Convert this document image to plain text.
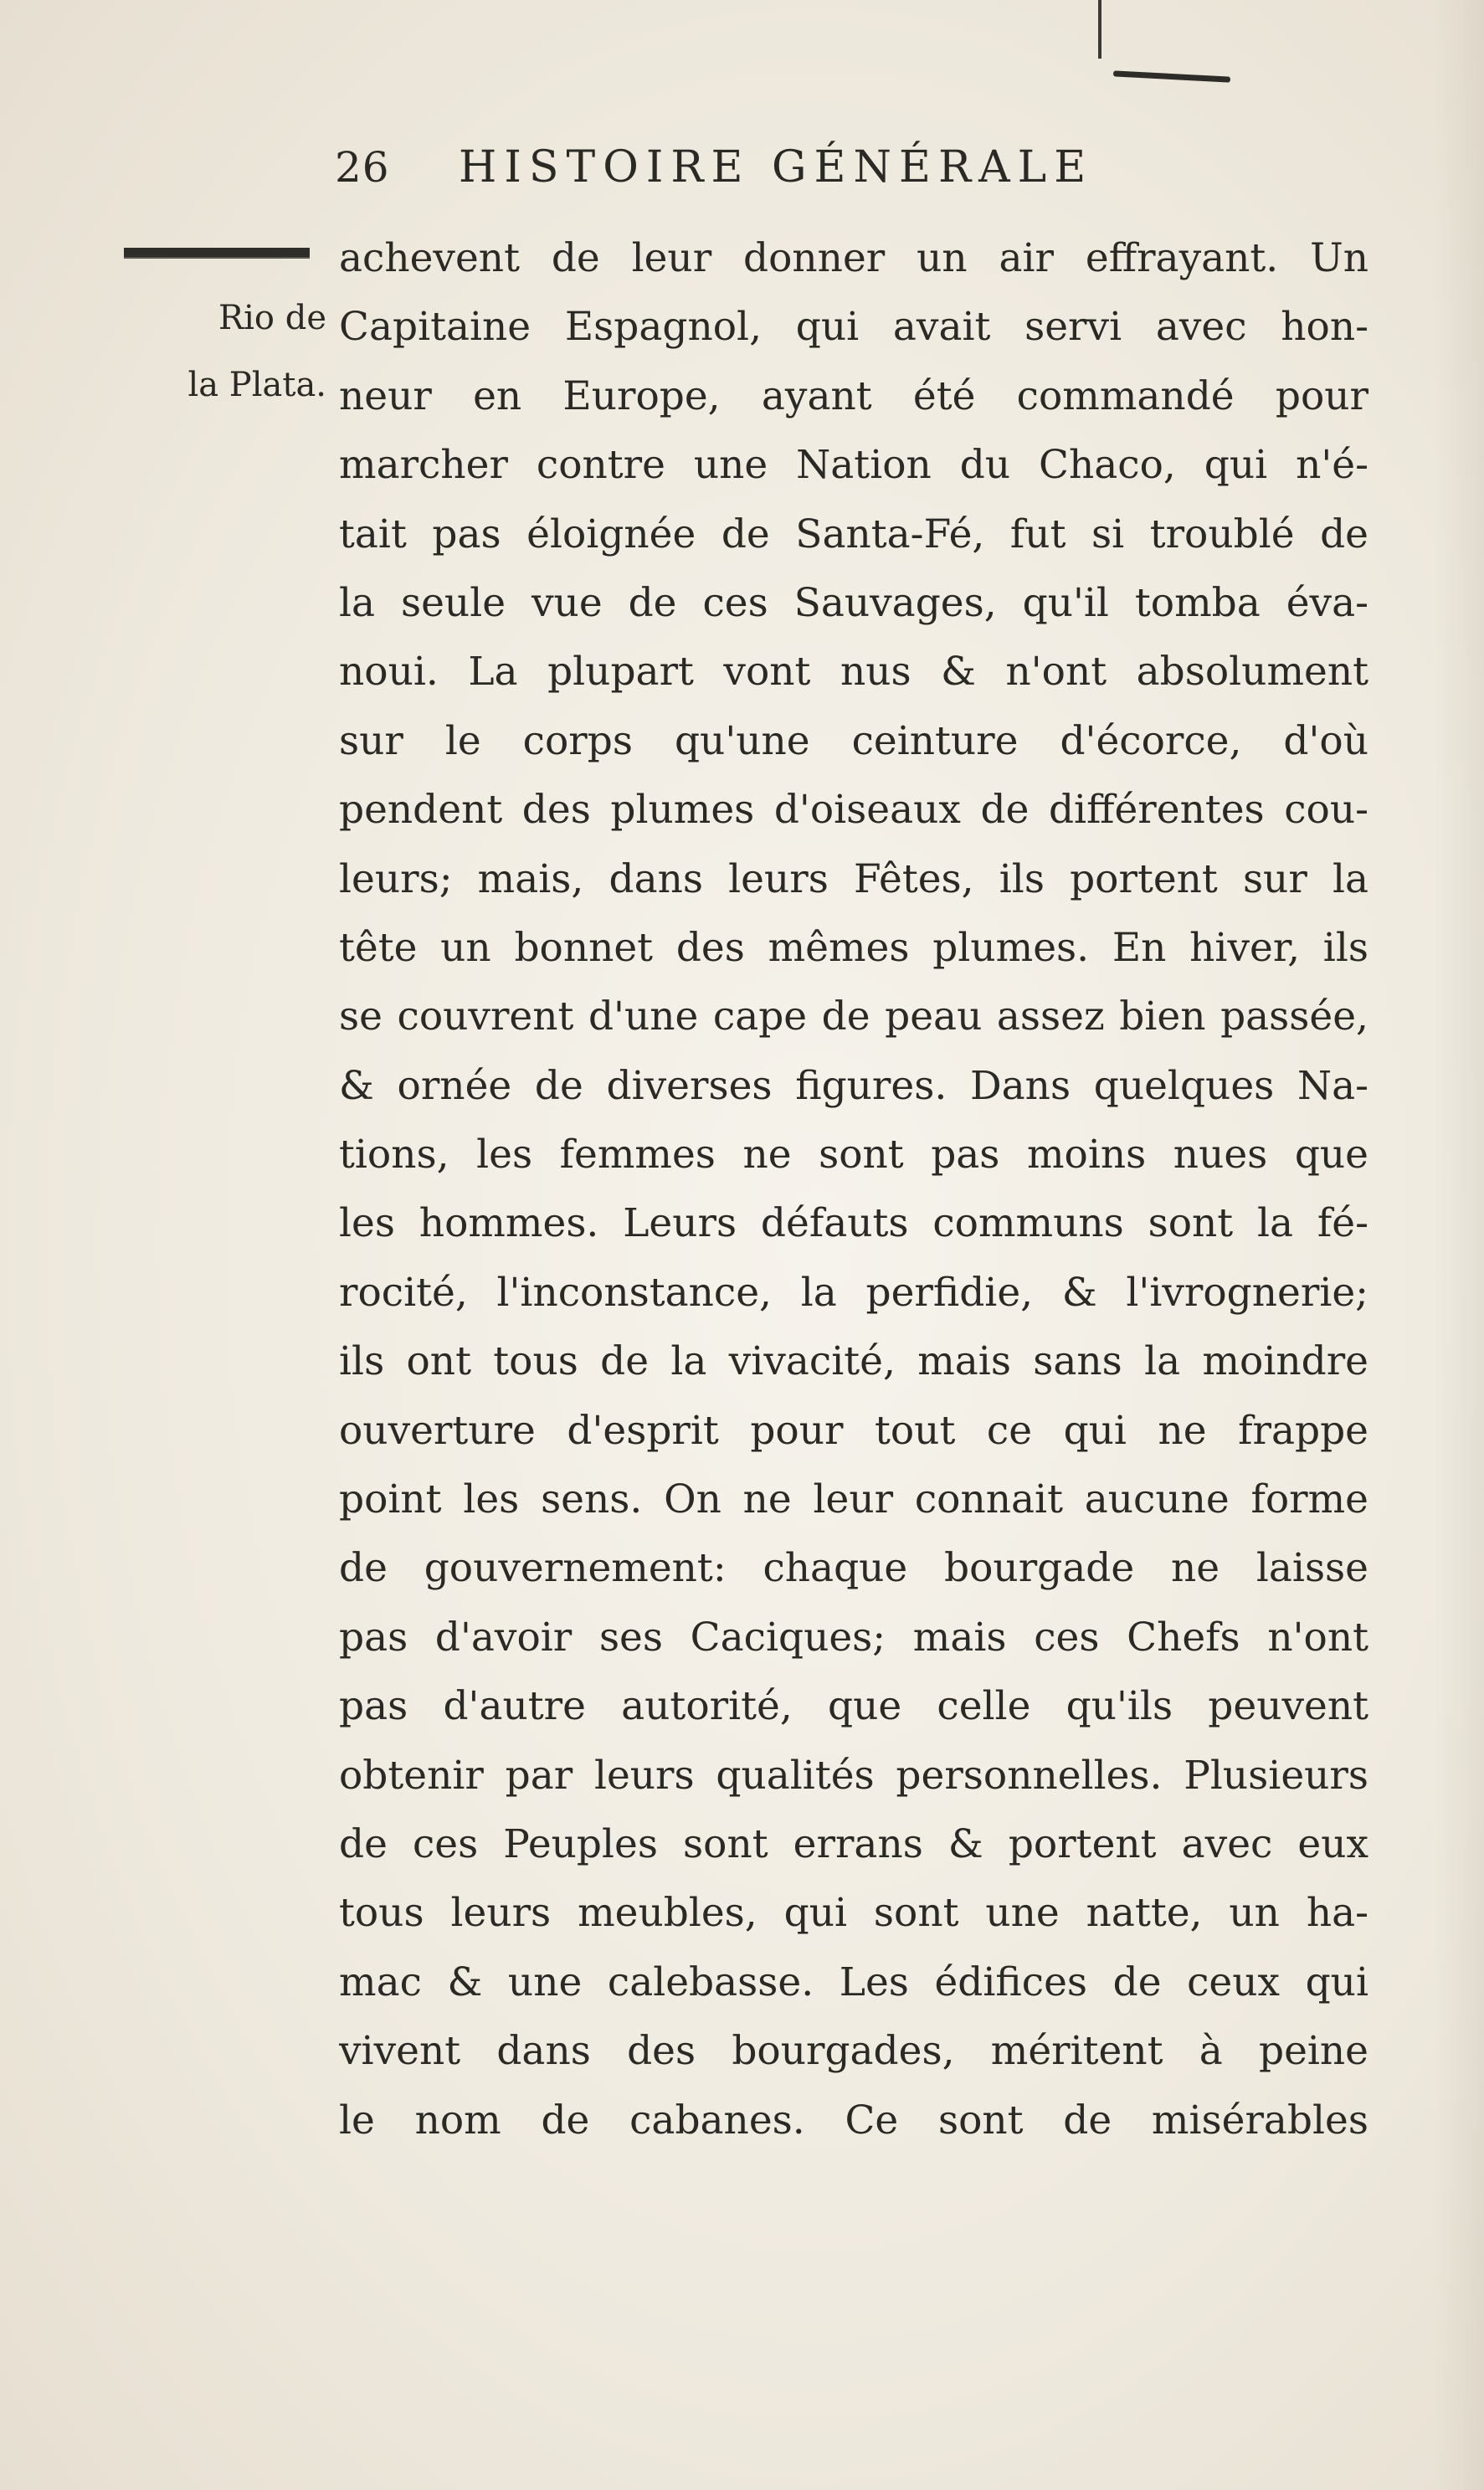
26	HISTOIRE GÉNÉRALE
Rio de
la Plata.
achevent de leur donner un air effrayant. Un
Capitaine Espagnol, qui avait servi avec hon-
neur en Europe, ayant été commandé pour
marcher contre une Nation du Chaco, qui n'é-
tait pas éloignée de Santa-Fé, fut si troublé de
la seule vue de ces Sauvages, qu'il tomba éva-
noui. La plupart vont nus & n'ont absolument
sur le corps qu'une ceinture d'écorce, d'où
pendent des plumes d'oiseaux de différentes cou-
leurs; mais, dans leurs Fêtes, ils portent sur la
tête un bonnet des mêmes plumes. En hiver, ils
se couvrent d'une cape de peau assez bien passée,
& ornée de diverses figures. Dans quelques Na-
tions, les femmes ne sont pas moins nues que
les hommes. Leurs défauts communs sont la fé-
rocité, l'inconstance, la perfidie, & l'ivrognerie;
ils ont tous de la vivacité, mais sans la moindre
ouverture d'esprit pour tout ce qui ne frappe
point les sens. On ne leur connait aucune forme
de gouvernement: chaque bourgade ne laisse
pas d'avoir ses Caciques; mais ces Chefs n'ont
pas d'autre autorité, que celle qu'ils peuvent
obtenir par leurs qualités personnelles. Plusieurs
de ces Peuples sont errans & portent avec eux
tous leurs meubles, qui sont une natte, un ha-
mac & une calebasse. Les édifices de ceux qui
vivent dans des bourgades, méritent à peine
le nom de cabanes. Ce sont de misérables
